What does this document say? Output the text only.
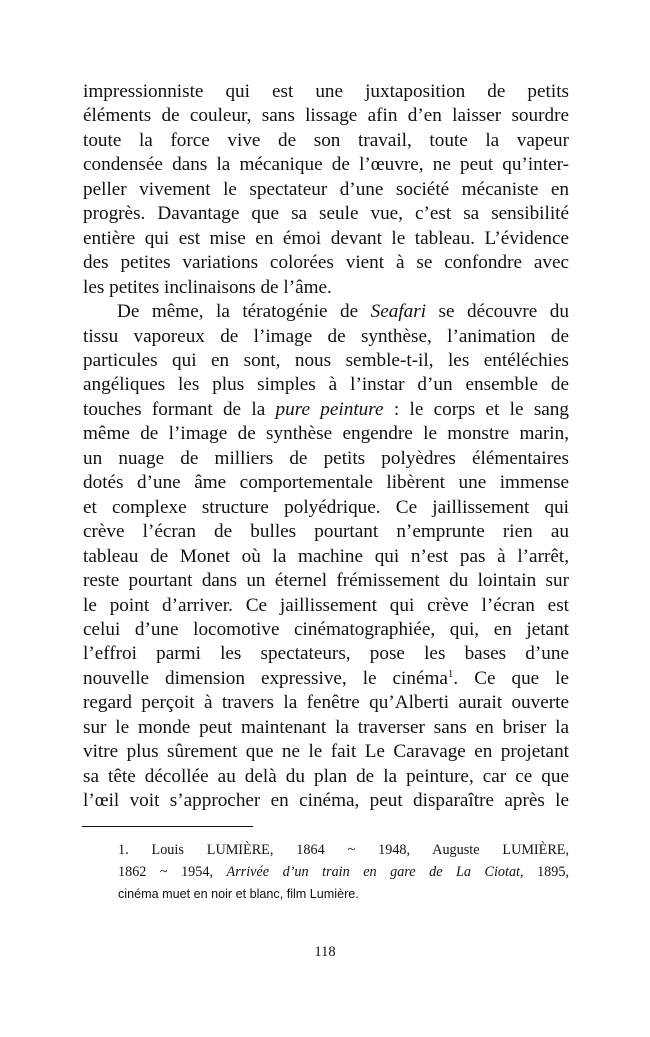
impressionniste qui est une juxtaposition de petits
éléments de couleur, sans lissage afin d’en laisser sourdre
toute la force vive de son travail, toute la vapeur
condensée dans la mécanique de l’œuvre, ne peut qu’inter-
peller vivement le spectateur d’une société mécaniste en
progrès. Davantage que sa seule vue, c’est sa sensibilité
entière qui est mise en émoi devant le tableau. L’évidence
des petites variations colorées vient à se confondre avec
les petites inclinaisons de l’âme.
De même, la tératogénie de Seafari se découvre du
tissu vaporeux de l’image de synthèse, l’animation de
particules qui en sont, nous semble-t-il, les entéléchies
angéliques les plus simples à l’instar d’un ensemble de
touches formant de la pure peinture : le corps et le sang
même de l’image de synthèse engendre le monstre marin,
un nuage de milliers de petits polyèdres élémentaires
dotés d’une âme comportementale libèrent une immense
et complexe structure polyédrique. Ce jaillissement qui
crève l’écran de bulles pourtant n’emprunte rien au
tableau de Monet où la machine qui n’est pas à l’arrêt,
reste pourtant dans un éternel frémissement du lointain sur
le point d’arriver. Ce jaillissement qui crève l’écran est
celui d’une locomotive cinématographiée, qui, en jetant
l’effroi parmi les spectateurs, pose les bases d’une
nouvelle dimension expressive, le cinéma$^1$. Ce que le
regard perçoit à travers la fenêtre qu’Alberti aurait ouverte
sur le monde peut maintenant la traverser sans en briser la
vitre plus sûrement que ne le fait Le Caravage en projetant
sa tête décollée au delà du plan de la peinture, car ce que
l’œil voit s’approcher en cinéma, peut disparaître après le
1. Louis LUMIÈRE, 1864 ~ 1948, Auguste LUMIÈRE,
1862 ~ 1954, Arrivée d’un train en gare de La Ciotat, 1895,
cinéma muet en noir et blanc, film Lumière.
118
